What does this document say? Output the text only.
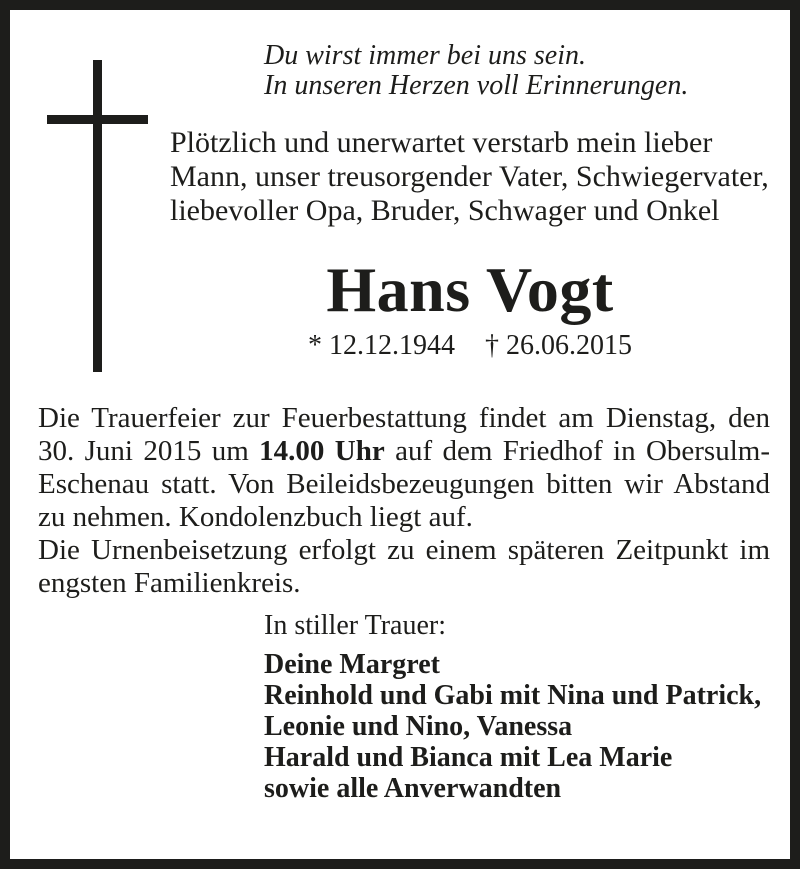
Du wirst immer bei uns sein.
In unseren Herzen voll Erinnerungen.
Plötzlich und unerwartet verstarb mein lieber
Mann, unser treusorgender Vater, Schwiegervater,
liebevoller Opa, Bruder, Schwager und Onkel
Hans Vogt
* 12.12.1944 † 26.06.2015
Die Trauerfeier zur Feuerbestattung findet am Dienstag, den
30. Juni 2015 um 14.00 Uhr auf dem Friedhof in Obersulm-
Eschenau statt. Von Beileidsbezeugungen bitten wir Abstand
zu nehmen. Kondolenzbuch liegt auf.
Die Urnenbeisetzung erfolgt zu einem späteren Zeitpunkt im
engsten Familienkreis.
In stiller Trauer:
Deine Margret
Reinhold und Gabi mit Nina und Patrick,
Leonie und Nino, Vanessa
Harald und Bianca mit Lea Marie
sowie alle Anverwandten
